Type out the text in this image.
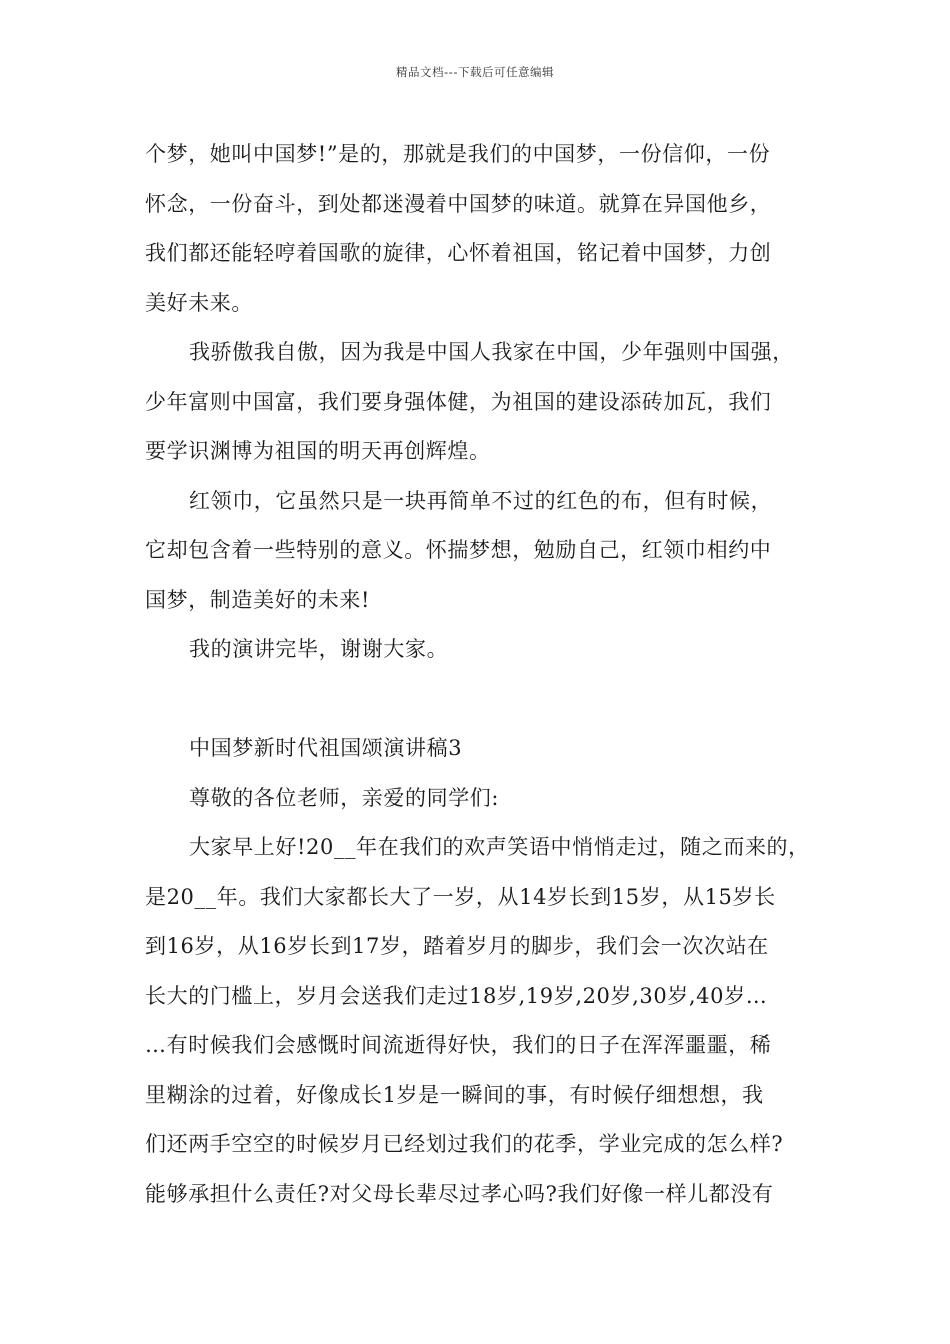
精品文档---下载后可任意编辑
个梦，她叫中国梦!”是的，那就是我们的中国梦，一份信仰，一份
怀念，一份奋斗，到处都迷漫着中国梦的味道。就算在异国他乡，
我们都还能轻哼着国歌的旋律，心怀着祖国，铭记着中国梦，力创
美好未来。
我骄傲我自傲，因为我是中国人我家在中国，少年强则中国强，
少年富则中国富，我们要身强体健，为祖国的建设添砖加瓦，我们
要学识渊博为祖国的明天再创辉煌。
红领巾，它虽然只是一块再简单不过的红色的布，但有时候，
它却包含着一些特别的意义。怀揣梦想，勉励自己，红领巾相约中
国梦，制造美好的未来!
我的演讲完毕，谢谢大家。
中国梦新时代祖国颂演讲稿3
尊敬的各位老师，亲爱的同学们:
大家早上好!20__年在我们的欢声笑语中悄悄走过，随之而来的，
是20__年。我们大家都长大了一岁，从14岁长到15岁，从15岁长
到16岁，从16岁长到17岁，踏着岁月的脚步，我们会一次次站在
长大的门槛上，岁月会送我们走过18岁,19岁,20岁,30岁,40岁…
…有时候我们会感慨时间流逝得好快，我们的日子在浑浑噩噩，稀
里糊涂的过着，好像成长1岁是一瞬间的事，有时候仔细想想，我
们还两手空空的时候岁月已经划过我们的花季，学业完成的怎么样?
能够承担什么责任?对父母长辈尽过孝心吗?我们好像一样儿都没有
